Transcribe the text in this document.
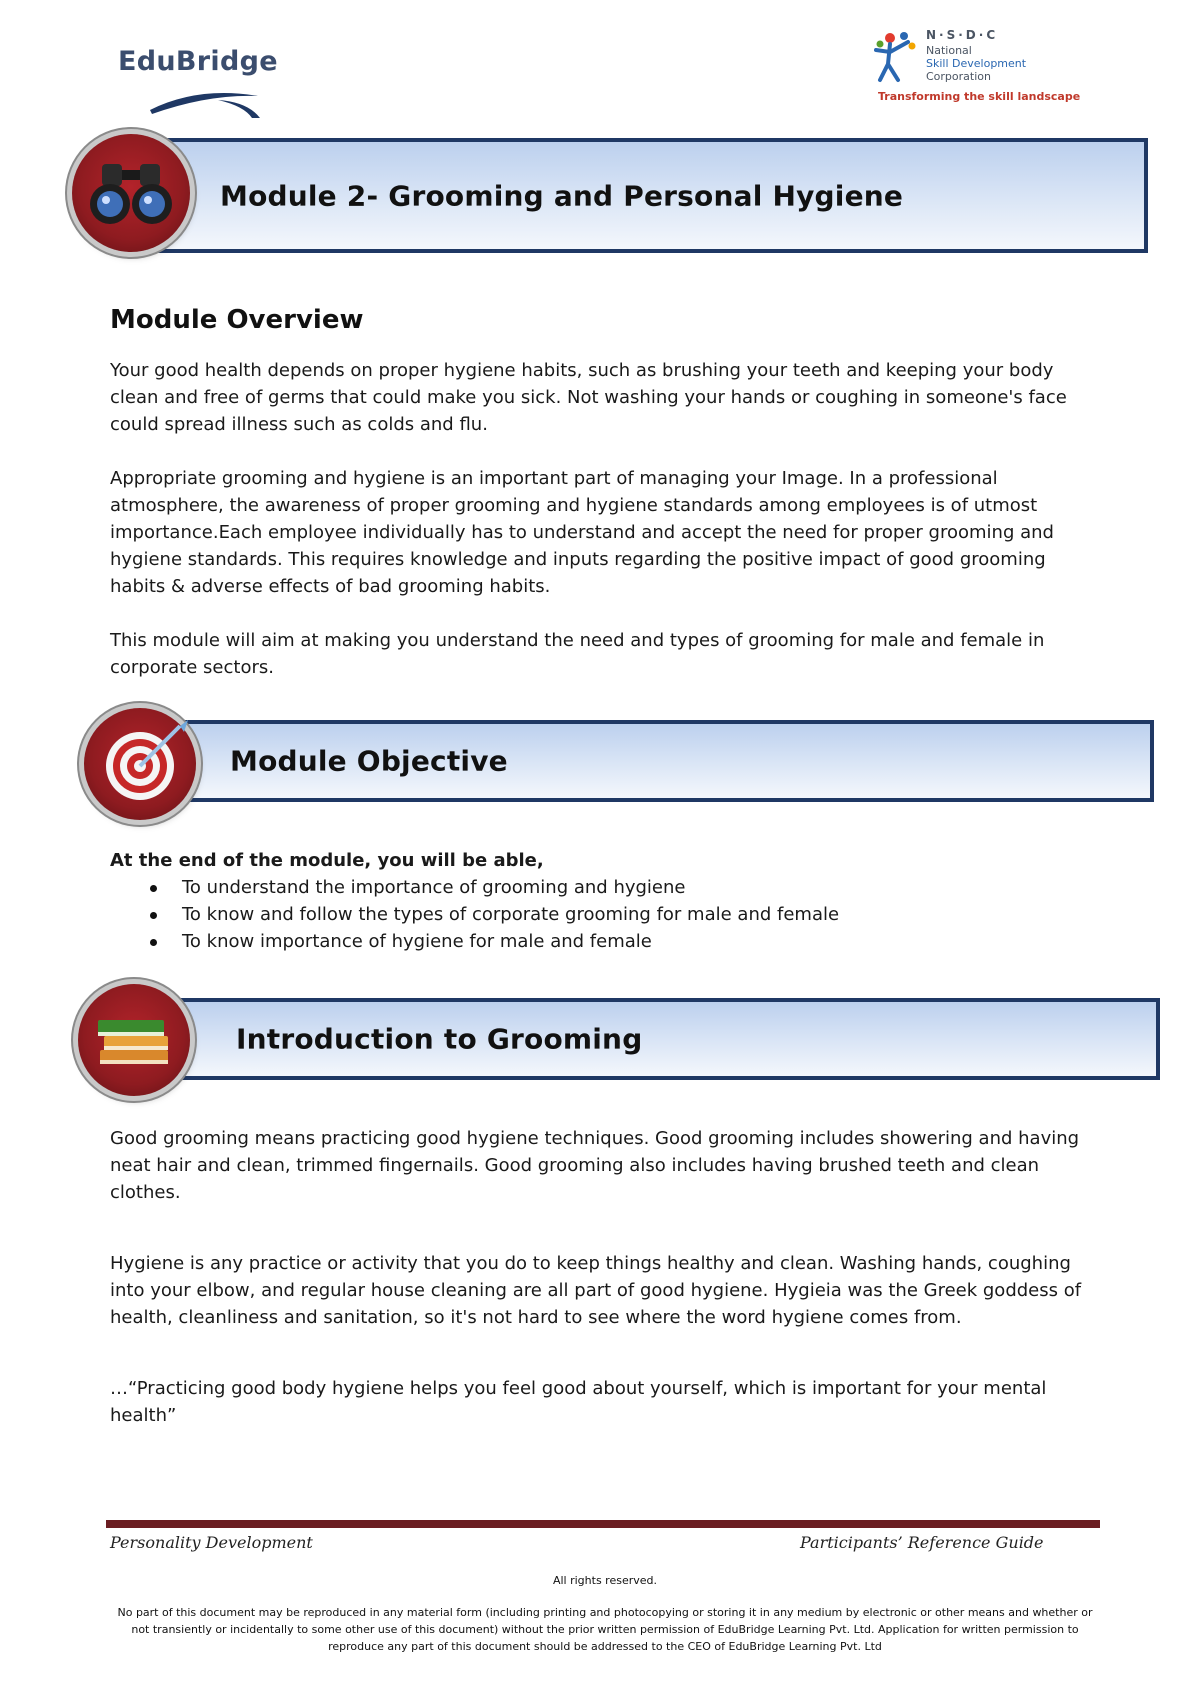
EduBridge
N·S·D·C
National
Skill Development
Corporation
Transforming the skill landscape
Module 2- Grooming and Personal Hygiene
Module Overview
Your good health depends on proper hygiene habits, such as brushing your teeth and keeping your body clean and free of germs that could make you sick. Not washing your hands or coughing in someone's face could spread illness such as colds and flu.
Appropriate grooming and hygiene is an important part of managing your Image. In a professional atmosphere, the awareness of proper grooming and hygiene standards among employees is of utmost importance.Each employee individually has to understand and accept the need for proper grooming and hygiene standards. This requires knowledge and inputs regarding the positive impact of good grooming habits & adverse effects of bad grooming habits.
This module will aim at making you understand the need and types of grooming for male and female in corporate sectors.
Module Objective
At the end of the module, you will be able,
To understand the importance of grooming and hygiene
To know and follow the types of corporate grooming for male and female
To know importance of hygiene for male and female
Introduction to Grooming
Good grooming means practicing good hygiene techniques. Good grooming includes showering and having neat hair and clean, trimmed fingernails. Good grooming also includes having brushed teeth and clean clothes.
Hygiene is any practice or activity that you do to keep things healthy and clean. Washing hands, coughing into your elbow, and regular house cleaning are all part of good hygiene. Hygieia was the Greek goddess of health, cleanliness and sanitation, so it's not hard to see where the word hygiene comes from.
…“Practicing good body hygiene helps you feel good about yourself, which is important for your mental health”
Personality Development	Participants’ Reference Guide
All rights reserved.
No part of this document may be reproduced in any material form (including printing and photocopying or storing it in any medium by electronic or other means and whether or not transiently or incidentally to some other use of this document) without the prior written permission of EduBridge Learning Pvt. Ltd. Application for written permission to reproduce any part of this document should be addressed to the CEO of EduBridge Learning Pvt. Ltd
